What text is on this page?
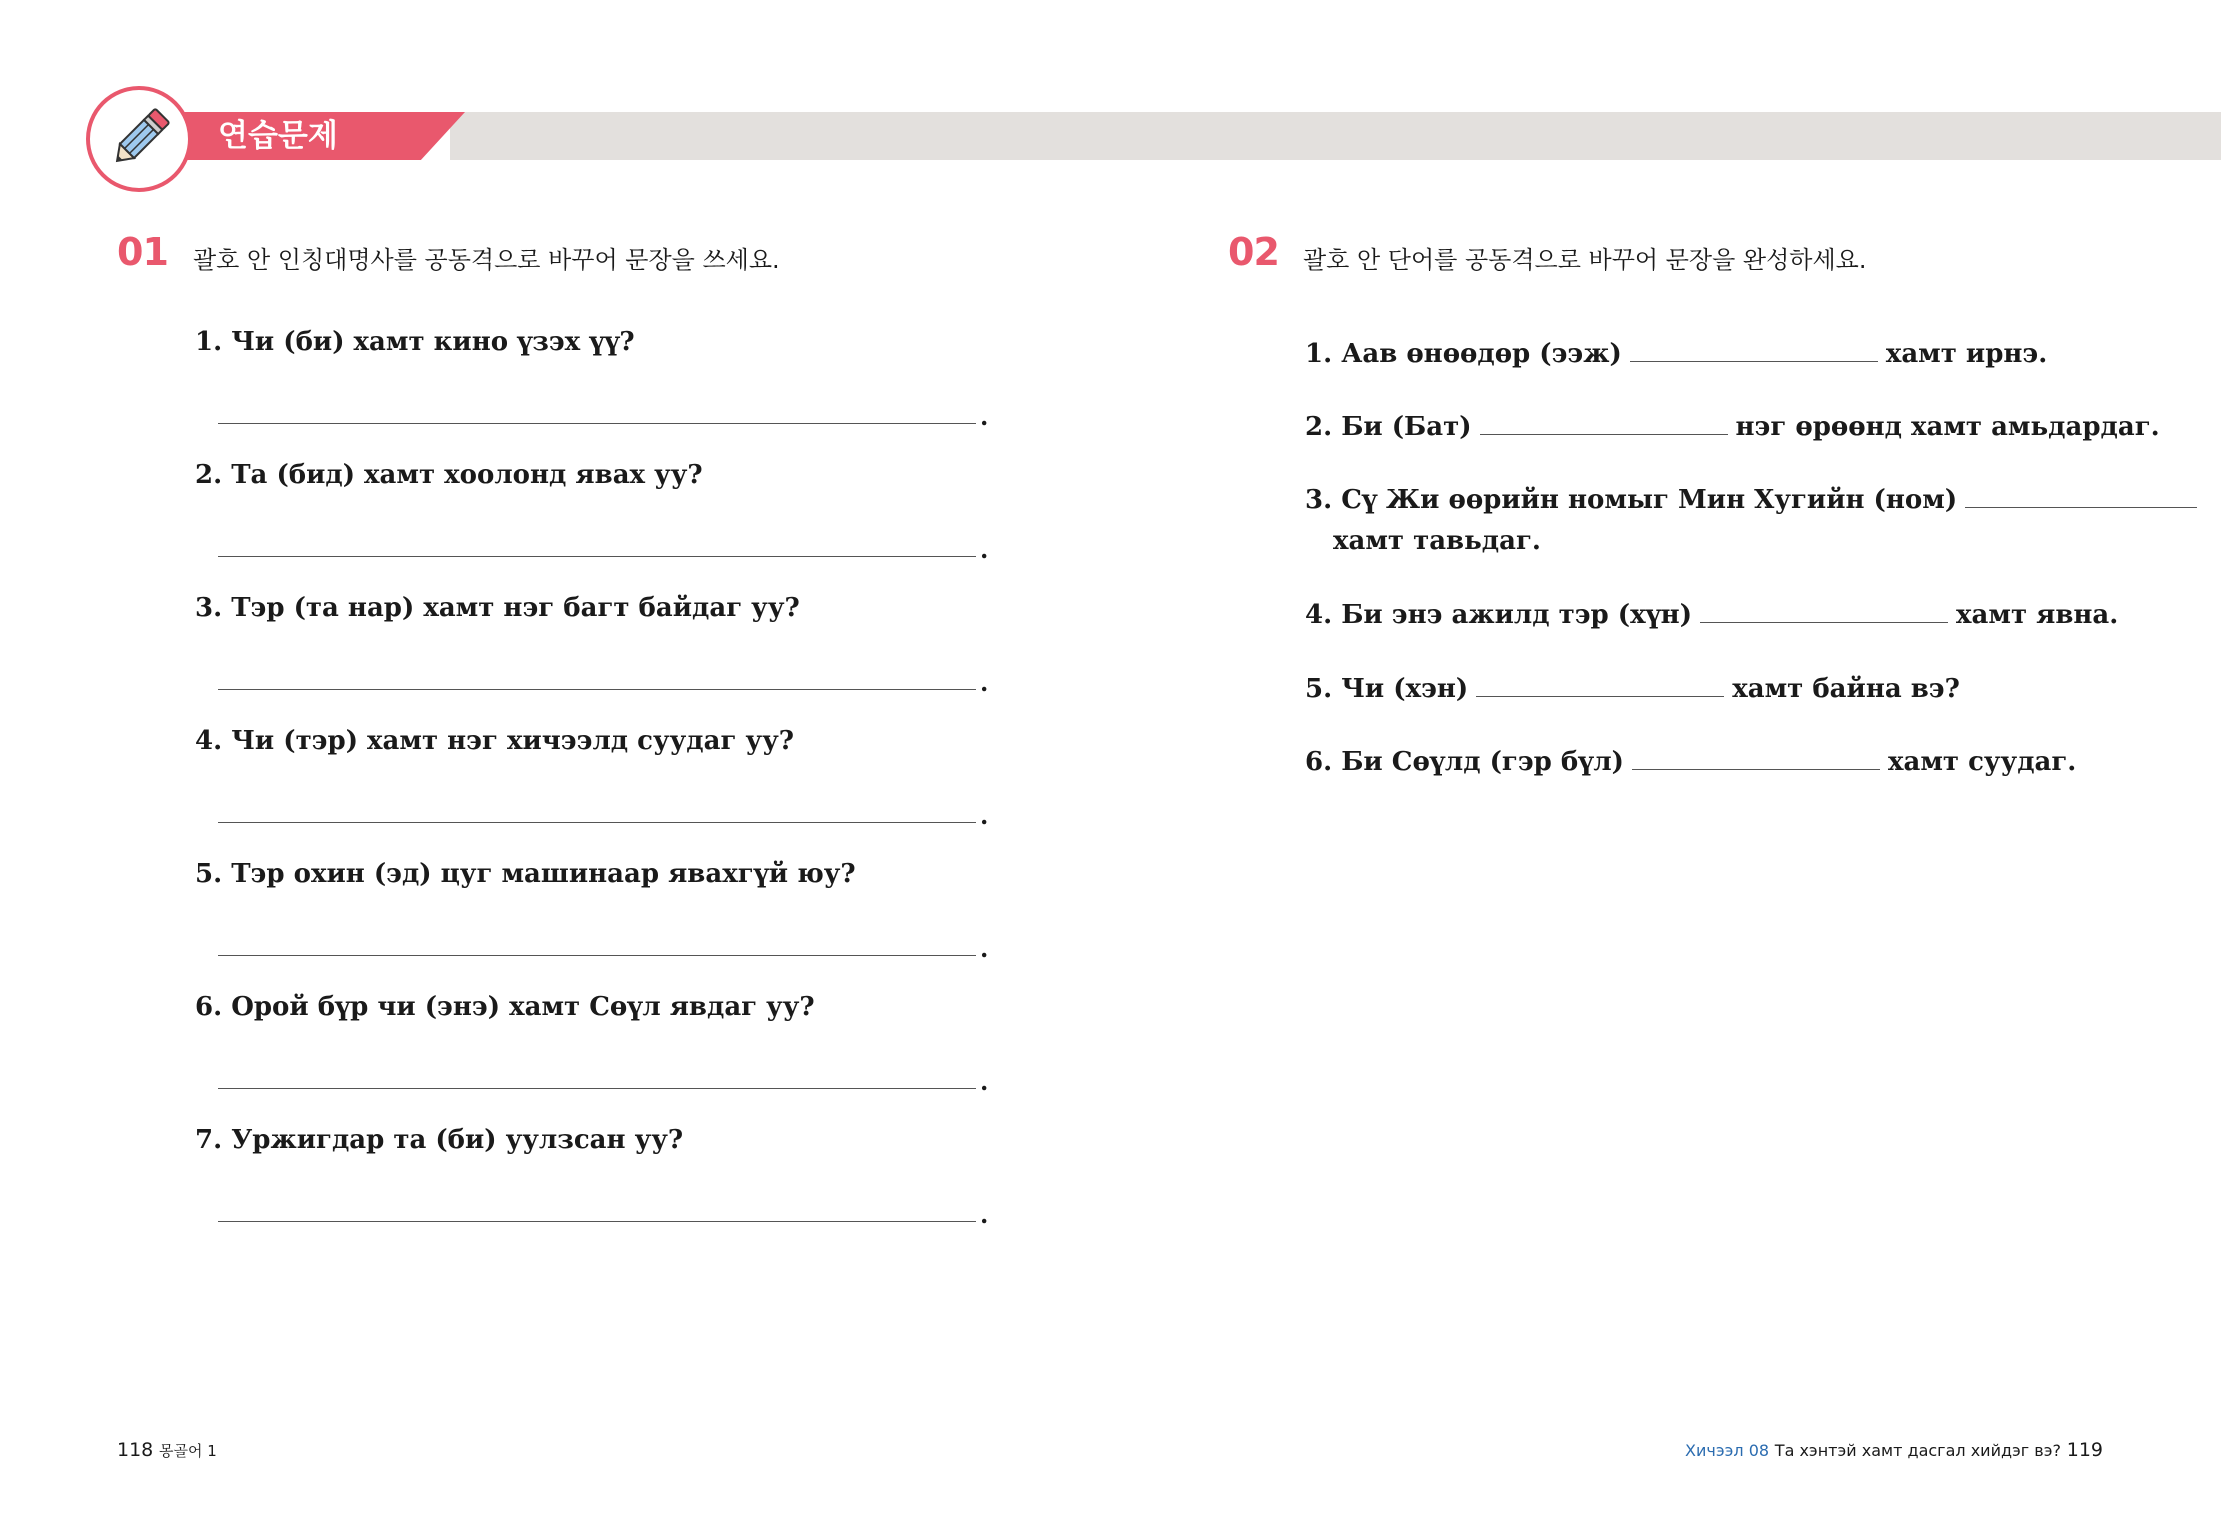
연습문제
01 괄호 안 인칭대명사를 공동격으로 바꾸어 문장을 쓰세요.
1. Чи (би) хамт кино үзэх үү?
.
2. Та (бид) хамт хоолонд явах уу?
.
3. Тэр (та нар) хамт нэг багт байдаг уу?
.
4. Чи (тэр) хамт нэг хичээлд суудаг уу?
.
5. Тэр охин (эд) цуг машинаар явахгүй юу?
.
6. Орой бүр чи (энэ) хамт Сөүл явдаг уу?
.
7. Уржигдар та (би) уулзсан уу?
.
02 괄호 안 단어를 공동격으로 바꾸어 문장을 완성하세요.
1. Аав өнөөдөр (ээж)	хамт ирнэ.
2. Би (Бат)	нэг өрөөнд хамт амьдардаг.
3. Сү Жи өөрийн номыг Мин Хугийн (ном)
хамт тавьдаг.
4. Би энэ ажилд тэр (хүн)	хамт явна.
5. Чи (хэн)	хамт байна вэ?
6. Би Сөүлд (гэр бүл)	хамт суудаг.
118 몽골어 1	Хичээл 08 Та хэнтэй хамт дасгал хийдэг вэ? 119
